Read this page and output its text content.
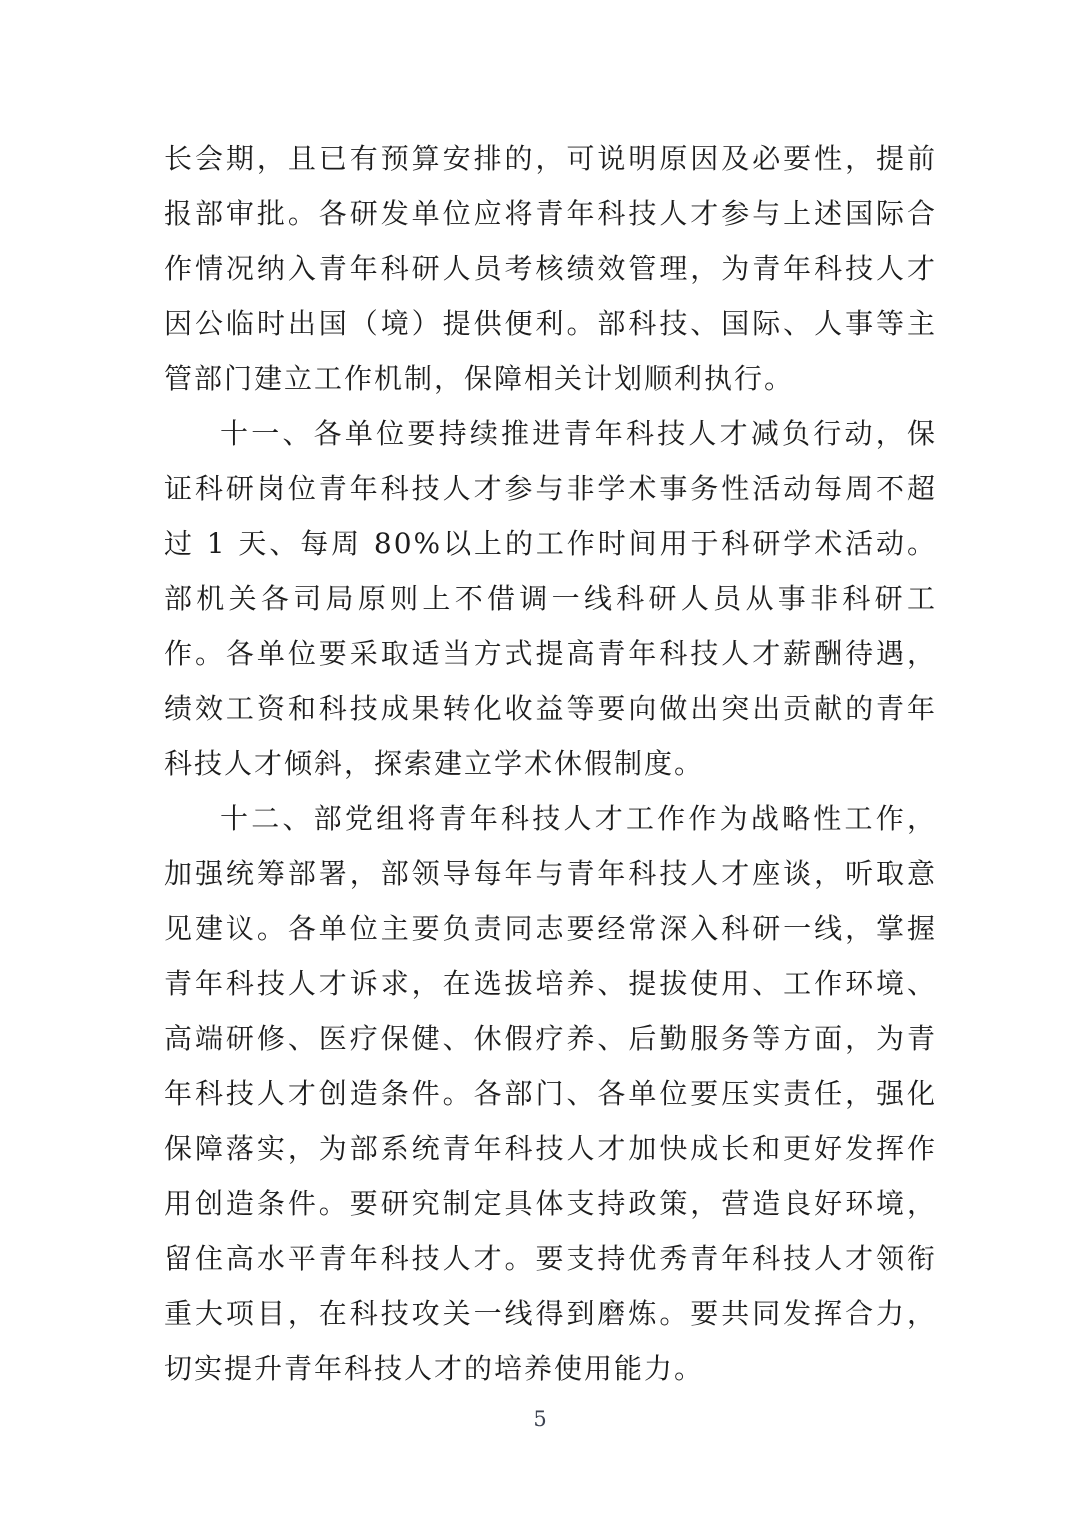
长会期，且已有预算安排的，可说明原因及必要性，提前报部审批。各研发单位应将青年科技人才参与上述国际合作情况纳入青年科研人员考核绩效管理，为青年科技人才因公临时出国（境）提供便利。部科技、国际、人事等主管部门建立工作机制，保障相关计划顺利执行。

十一、各单位要持续推进青年科技人才减负行动，保证科研岗位青年科技人才参与非学术事务性活动每周不超过 1 天、每周 80%以上的工作时间用于科研学术活动。部机关各司局原则上不借调一线科研人员从事非科研工作。各单位要采取适当方式提高青年科技人才薪酬待遇，绩效工资和科技成果转化收益等要向做出突出贡献的青年科技人才倾斜，探索建立学术休假制度。

十二、部党组将青年科技人才工作作为战略性工作，加强统筹部署，部领导每年与青年科技人才座谈，听取意见建议。各单位主要负责同志要经常深入科研一线，掌握青年科技人才诉求，在选拔培养、提拔使用、工作环境、高端研修、医疗保健、休假疗养、后勤服务等方面，为青年科技人才创造条件。各部门、各单位要压实责任，强化保障落实，为部系统青年科技人才加快成长和更好发挥作用创造条件。要研究制定具体支持政策，营造良好环境，留住高水平青年科技人才。要支持优秀青年科技人才领衔重大项目，在科技攻关一线得到磨炼。要共同发挥合力，切实提升青年科技人才的培养使用能力。

5
